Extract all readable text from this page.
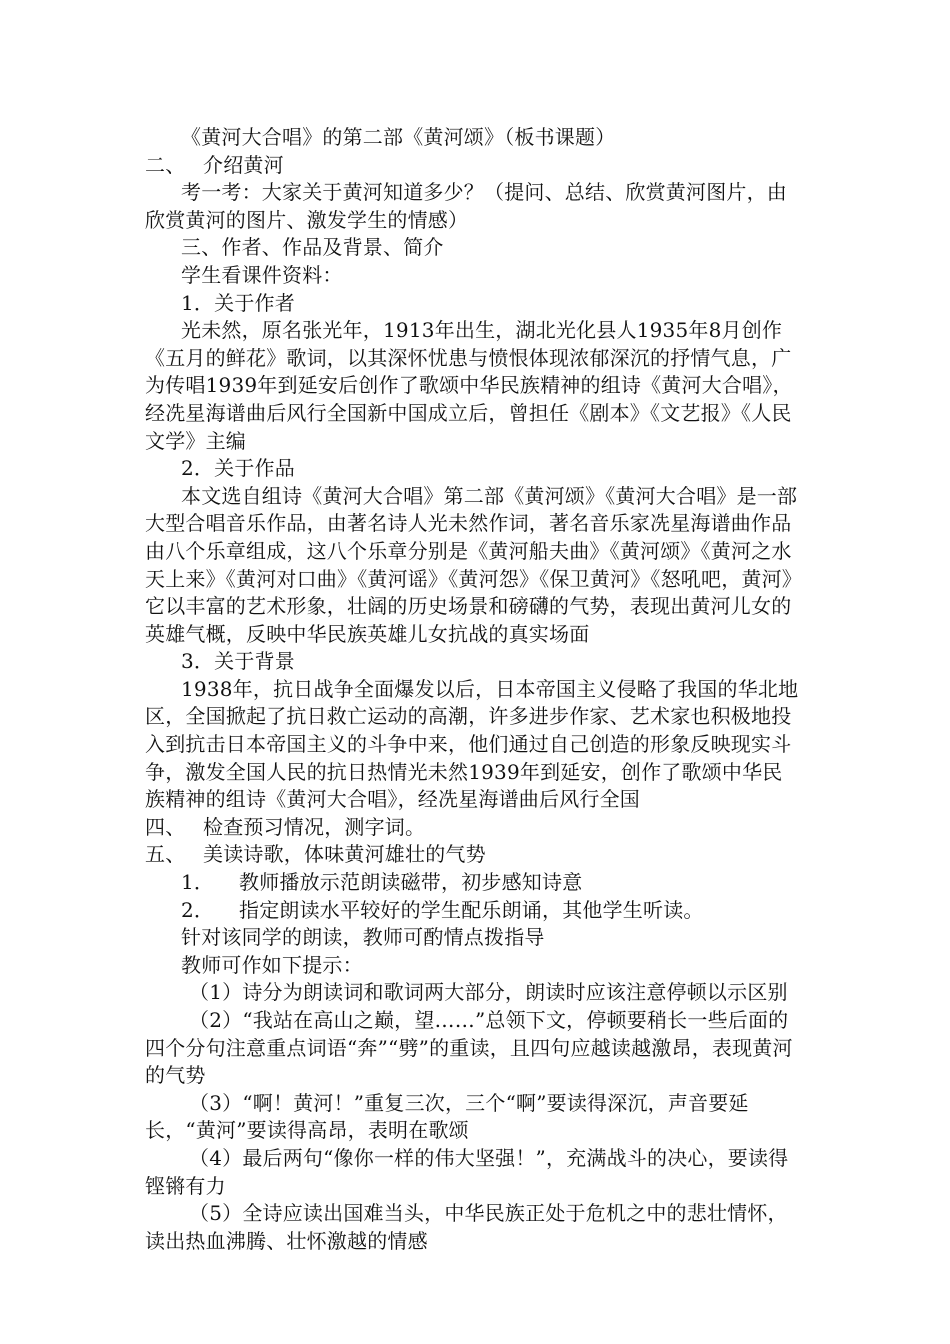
《黄河大合唱》的第二部《黄河颂》（板书课题）

二、 介绍黄河

考一考：大家关于黄河知道多少？（提问、总结、欣赏黄河图片，由欣赏黄河的图片、激发学生的情感）

三、作者、作品及背景、简介

学生看课件资料：

1．关于作者

光未然，原名张光年，1913年出生，湖北光化县人1935年8月创作《五月的鲜花》歌词，以其深怀忧患与愤恨体现浓郁深沉的抒情气息，广为传唱1939年到延安后创作了歌颂中华民族精神的组诗《黄河大合唱》，经冼星海谱曲后风行全国新中国成立后，曾担任《剧本》《文艺报》《人民文学》主编

2．关于作品

本文选自组诗《黄河大合唱》第二部《黄河颂》《黄河大合唱》是一部大型合唱音乐作品，由著名诗人光未然作词，著名音乐家冼星海谱曲作品由八个乐章组成，这八个乐章分别是《黄河船夫曲》《黄河颂》《黄河之水天上来》《黄河对口曲》《黄河谣》《黄河怨》《保卫黄河》《怒吼吧，黄河》它以丰富的艺术形象，壮阔的历史场景和磅礴的气势，表现出黄河儿女的英雄气概，反映中华民族英雄儿女抗战的真实场面

3．关于背景

1938年，抗日战争全面爆发以后，日本帝国主义侵略了我国的华北地区，全国掀起了抗日救亡运动的高潮，许多进步作家、艺术家也积极地投入到抗击日本帝国主义的斗争中来，他们通过自己创造的形象反映现实斗争，激发全国人民的抗日热情光未然1939年到延安，创作了歌颂中华民族精神的组诗《黄河大合唱》，经冼星海谱曲后风行全国

四、 检查预习情况，测字词。

五、 美读诗歌，体味黄河雄壮的气势

1． 教师播放示范朗读磁带，初步感知诗意

2． 指定朗读水平较好的学生配乐朗诵，其他学生听读。

针对该同学的朗读，教师可酌情点拨指导

教师可作如下提示：

（1）诗分为朗读词和歌词两大部分，朗读时应该注意停顿以示区别

（2）“我站在高山之巅，望……”总领下文，停顿要稍长一些后面的四个分句注意重点词语“奔”“劈”的重读，且四句应越读越激昂，表现黄河的气势

（3）“啊！黄河！”重复三次，三个“啊”要读得深沉，声音要延长，“黄河”要读得高昂，表明在歌颂

（4）最后两句“像你一样的伟大坚强！”，充满战斗的决心，要读得铿锵有力

（5）全诗应读出国难当头，中华民族正处于危机之中的悲壮情怀，读出热血沸腾、壮怀激越的情感
